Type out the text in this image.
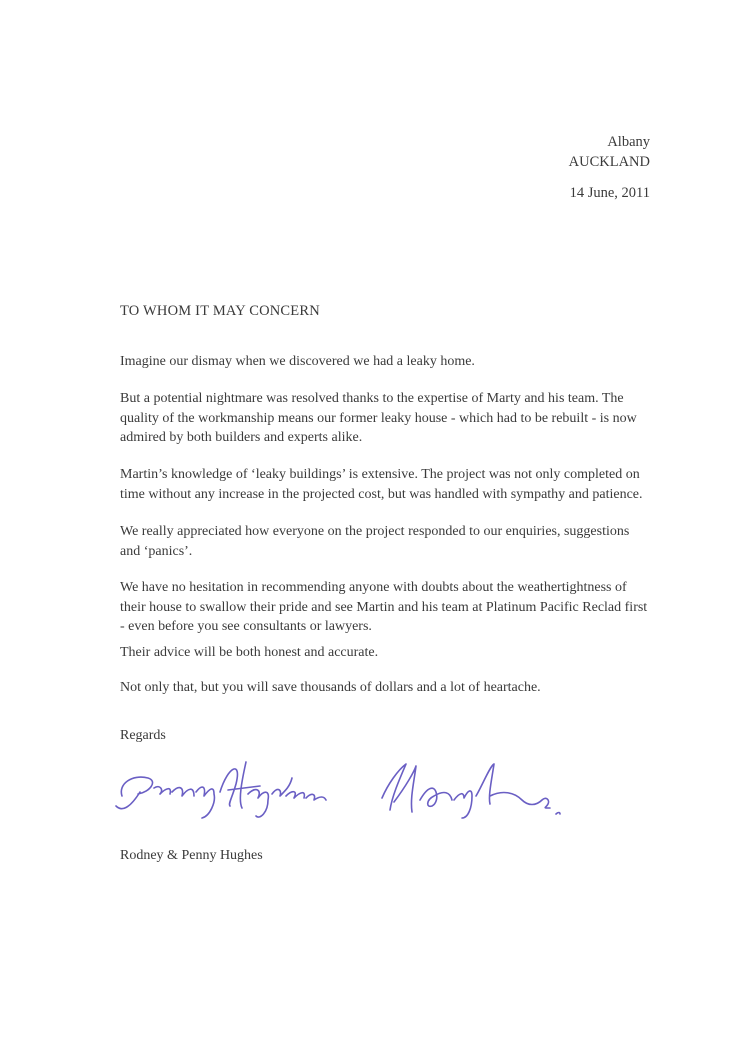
Albany
AUCKLAND
14 June, 2011
TO WHOM IT MAY CONCERN

Imagine our dismay when we discovered we had a leaky home.

But a potential nightmare was resolved thanks to the expertise of Marty and his team. The quality of the workmanship means our former leaky house - which had to be rebuilt - is now admired by both builders and experts alike.

Martin’s knowledge of ‘leaky buildings’ is extensive. The project was not only completed on time without any increase in the projected cost, but was handled with sympathy and patience.

We really appreciated how everyone on the project responded to our enquiries, suggestions and ‘panics’.

We have no hesitation in recommending anyone with doubts about the weathertightness of their house to swallow their pride and see Martin and his team at Platinum Pacific Reclad first - even before you see consultants or lawyers.

Their advice will be both honest and accurate.

Not only that, but you will save thousands of dollars and a lot of heartache.

Regards
Rodney & Penny Hughes
